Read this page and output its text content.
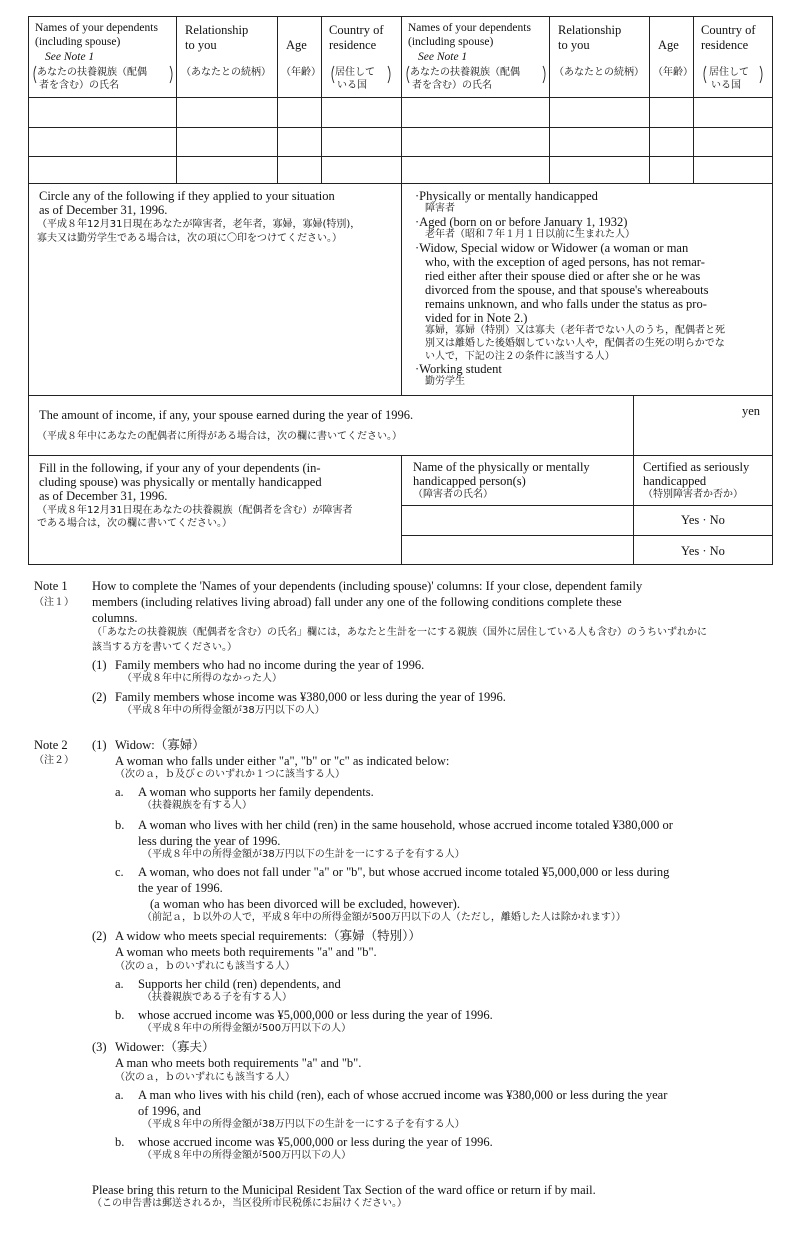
Names of your dependents
(including spouse)
See Note 1
あなたの扶養親族（配偶
者を含む）の氏名
Relationship
to you
（あなたとの続柄）
Age
（年齢）
Country of
residence
居住して
いる国
Names of your dependents
(including spouse)
See Note 1
あなたの扶養親族（配偶
者を含む）の氏名
Relationship
to you
（あなたとの続柄）
Age
（年齢）
Country of
residence
居住して
いる国
Circle any of the following if they applied to your situation
as of December 31, 1996.
（平成８年12月31日現在あなたが障害者，老年者，寡婦，寡婦(特別)，
寡夫又は勤労学生である場合は，次の項に〇印をつけてください。）
·Physically or mentally handicapped
障害者
·Aged (born on or before January 1, 1932)
老年者（昭和７年１月１日以前に生まれた人）
·Widow, Special widow or Widower (a woman or man
who, with the exception of aged persons, has not remar-
ried either after their spouse died or after she or he was
divorced from the spouse, and that spouse's whereabouts
remains unknown, and who falls under the status as pro-
vided for in Note 2.)
寡婦，寡婦（特別）又は寡夫（老年者でない人のうち，配偶者と死
別又は離婚した後婚姻していない人や，配偶者の生死の明らかでな
い人で，下記の注２の条件に該当する人）
·Working student
勤労学生
The amount of income, if any, your spouse earned during the year of 1996.
（平成８年中にあなたの配偶者に所得がある場合は，次の欄に書いてください。）
yen
Fill in the following, if your any of your dependents (in-
cluding spouse) was physically or mentally handicapped
as of December 31, 1996.
（平成８年12月31日現在あなたの扶養親族（配偶者を含む）が障害者
である場合は，次の欄に書いてください。）
Name of the physically or mentally
handicapped person(s)
（障害者の氏名）
Certified as seriously
handicapped
（特別障害者か否か）
Yes · No
Yes · No
Note 1
（注１）
How to complete the 'Names of your dependents (including spouse)' columns: If your close, dependent family
members (including relatives living abroad) fall under any one of the following conditions complete these
columns.
（「あなたの扶養親族（配偶者を含む）の氏名」欄には，あなたと生計を一にする親族（国外に居住している人も含む）のうちいずれかに
該当する方を書いてください。）
(1) Family members who had no income during the year of 1996.
（平成８年中に所得のなかった人）
(2) Family members whose income was ¥380,000 or less during the year of 1996.
（平成８年中の所得金額が38万円以下の人）
Note 2
（注２）
(1) Widow:（寡婦）
A woman who falls under either "a", "b" or "c" as indicated below:
（次のａ，ｂ及びｃのいずれか１つに該当する人）
a. A woman who supports her family dependents.
（扶養親族を有する人）
b. A woman who lives with her child (ren) in the same household, whose accrued income totaled ¥380,000 or
less during the year of 1996.
（平成８年中の所得金額が38万円以下の生計を一にする子を有する人）
c. A woman, who does not fall under "a" or "b", but whose accrued income totaled ¥5,000,000 or less during
the year of 1996.
(a woman who has been divorced will be excluded, however).
（前記ａ，ｂ以外の人で，平成８年中の所得金額が500万円以下の人（ただし，離婚した人は除かれます））
(2) A widow who meets special requirements:（寡婦（特別））
A woman who meets both requirements "a" and "b".
（次のａ，ｂのいずれにも該当する人）
a. Supports her child (ren) dependents, and
（扶養親族である子を有する人）
b. whose accrued income was ¥5,000,000 or less during the year of 1996.
（平成８年中の所得金額が500万円以下の人）
(3) Widower:（寡夫）
A man who meets both requirements "a" and "b".
（次のａ，ｂのいずれにも該当する人）
a. A man who lives with his child (ren), each of whose accrued income was ¥380,000 or less during the year
of 1996, and
（平成８年中の所得金額が38万円以下の生計を一にする子を有する人）
b. whose accrued income was ¥5,000,000 or less during the year of 1996.
（平成８年中の所得金額が500万円以下の人）
Please bring this return to the Municipal Resident Tax Section of the ward office or return if by mail.
（この申告書は郵送されるか，当区役所市民税係にお届けください。）
